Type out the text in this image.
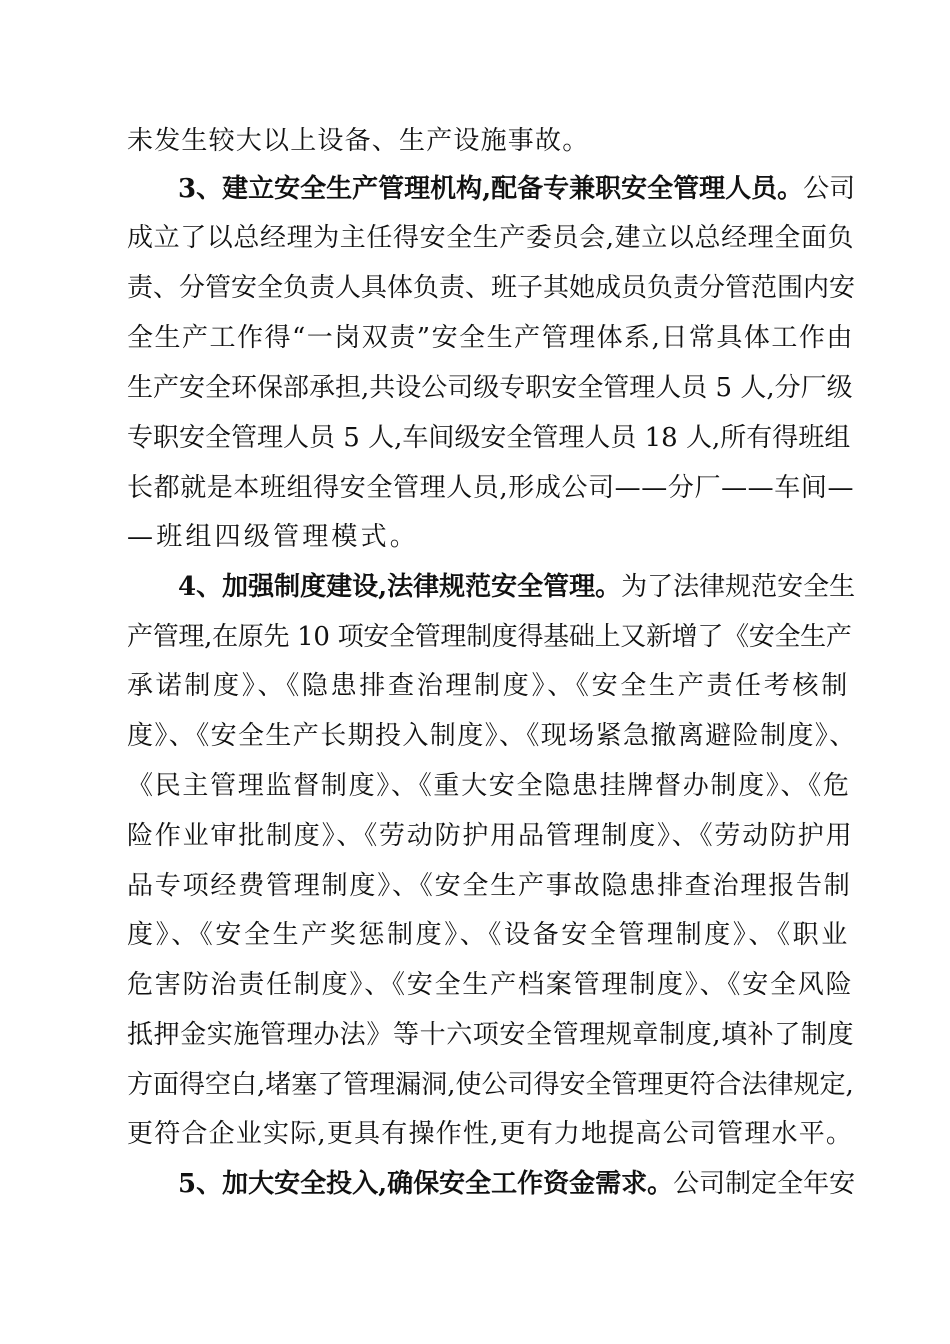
未发生较大以上设备、生产设施事故。
3、建立安全生产管理机构,配备专兼职安全管理人员。公司
成立了以总经理为主任得安全生产委员会,建立以总经理全面负
责、分管安全负责人具体负责、班子其她成员负责分管范围内安
全生产工作得“一岗双责”安全生产管理体系,日常具体工作由
生产安全环保部承担,共设公司级专职安全管理人员 5 人,分厂级
专职安全管理人员 5 人,车间级安全管理人员 18 人,所有得班组
长都就是本班组得安全管理人员,形成公司——分厂——车间—
—班组四级管理模式。
4、加强制度建设,法律规范安全管理。为了法律规范安全生
产管理,在原先 10 项安全管理制度得基础上又新增了《安全生产
承诺制度》、《隐患排查治理制度》、《安全生产责任考核制
度》、《安全生产长期投入制度》、《现场紧急撤离避险制度》、
《民主管理监督制度》、《重大安全隐患挂牌督办制度》、《危
险作业审批制度》、《劳动防护用品管理制度》、《劳动防护用
品专项经费管理制度》、《安全生产事故隐患排查治理报告制
度》、《安全生产奖惩制度》、《设备安全管理制度》、《职业
危害防治责任制度》、《安全生产档案管理制度》、《安全风险
抵押金实施管理办法》等十六项安全管理规章制度,填补了制度
方面得空白,堵塞了管理漏洞,使公司得安全管理更符合法律规定,
更符合企业实际,更具有操作性,更有力地提高公司管理水平。
5、加大安全投入,确保安全工作资金需求。公司制定全年安
